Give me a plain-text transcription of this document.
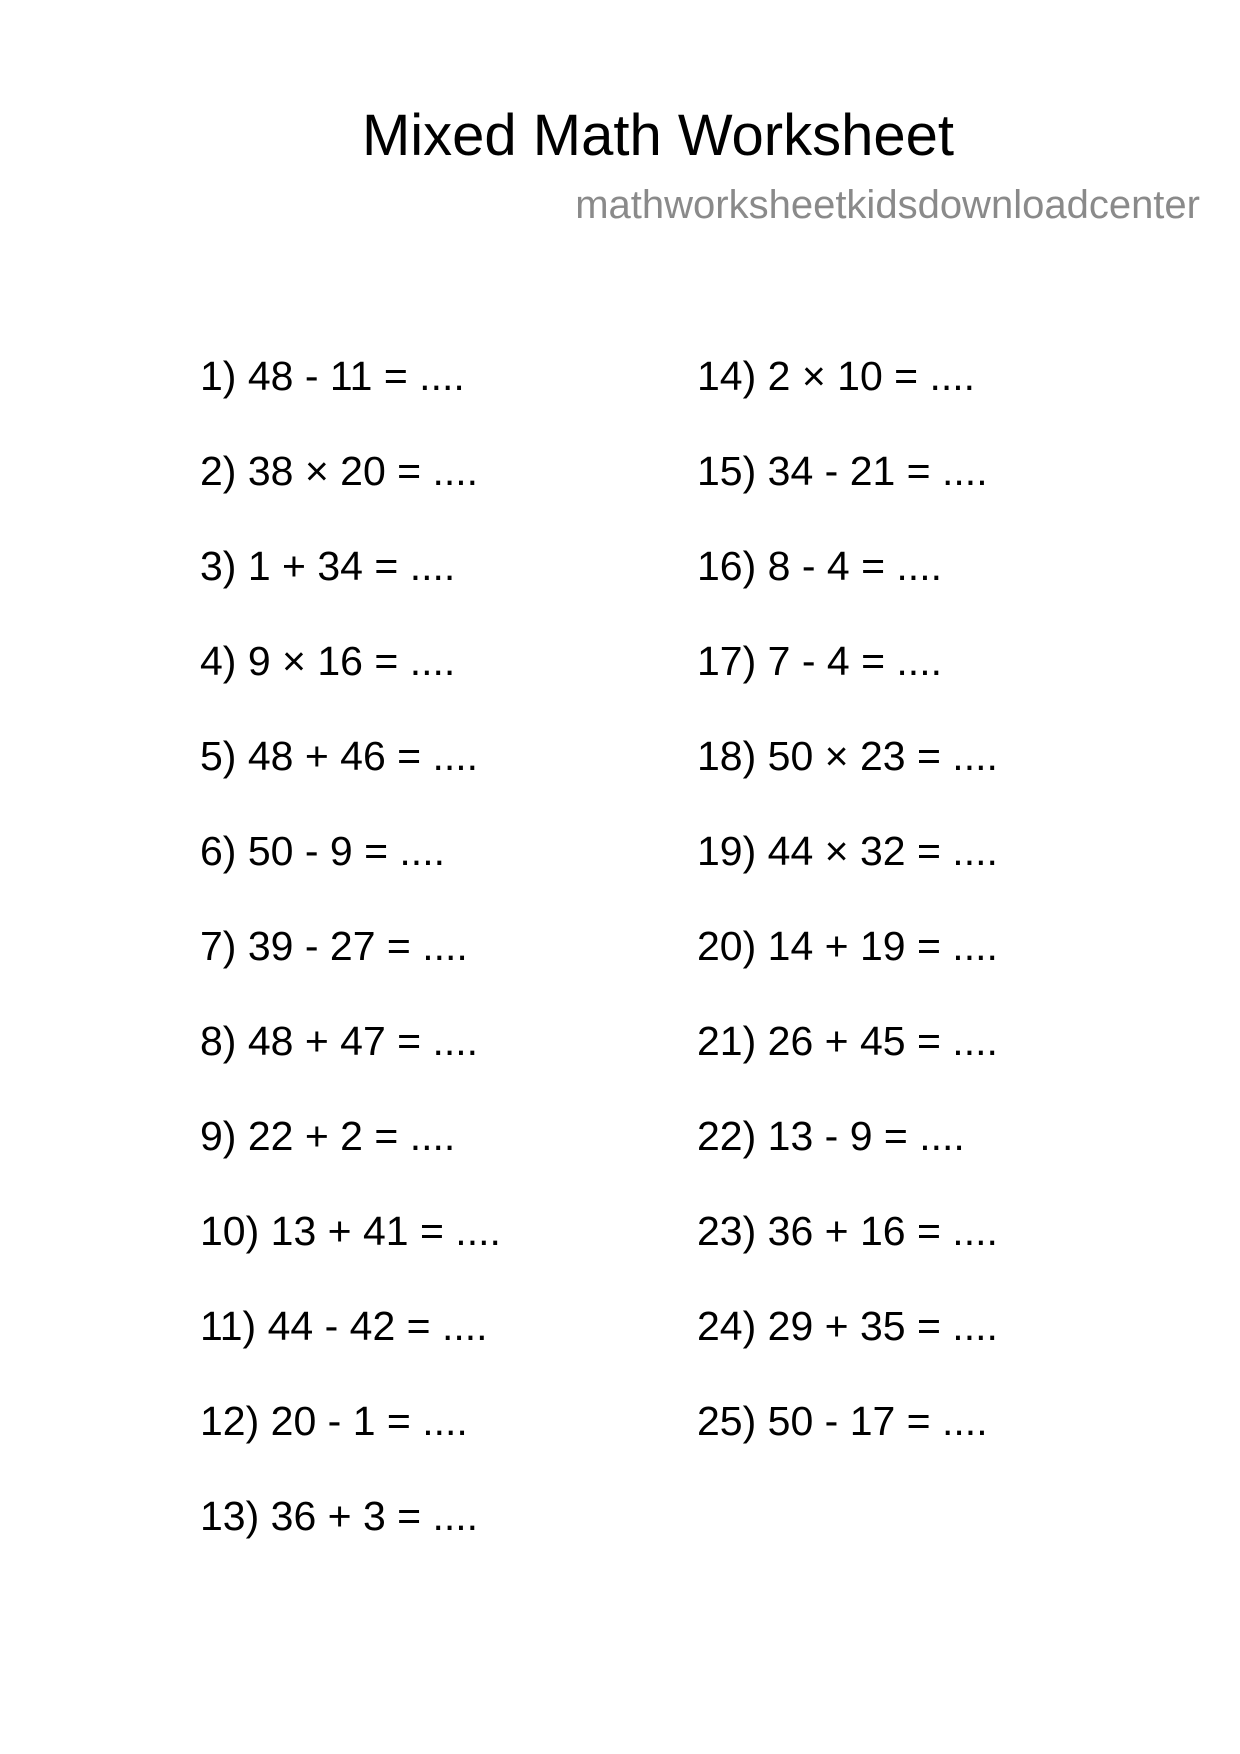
Mixed Math Worksheet
mathworksheetkidsdownloadcenter
1) 48 - 11 = ....
2) 38 × 20 = ....
3) 1 + 34 = ....
4) 9 × 16 = ....
5) 48 + 46 = ....
6) 50 - 9 = ....
7) 39 - 27 = ....
8) 48 + 47 = ....
9) 22 + 2 = ....
10) 13 + 41 = ....
11) 44 - 42 = ....
12) 20 - 1 = ....
13) 36 + 3 = ....
14) 2 × 10 = ....
15) 34 - 21 = ....
16) 8 - 4 = ....
17) 7 - 4 = ....
18) 50 × 23 = ....
19) 44 × 32 = ....
20) 14 + 19 = ....
21) 26 + 45 = ....
22) 13 - 9 = ....
23) 36 + 16 = ....
24) 29 + 35 = ....
25) 50 - 17 = ....
